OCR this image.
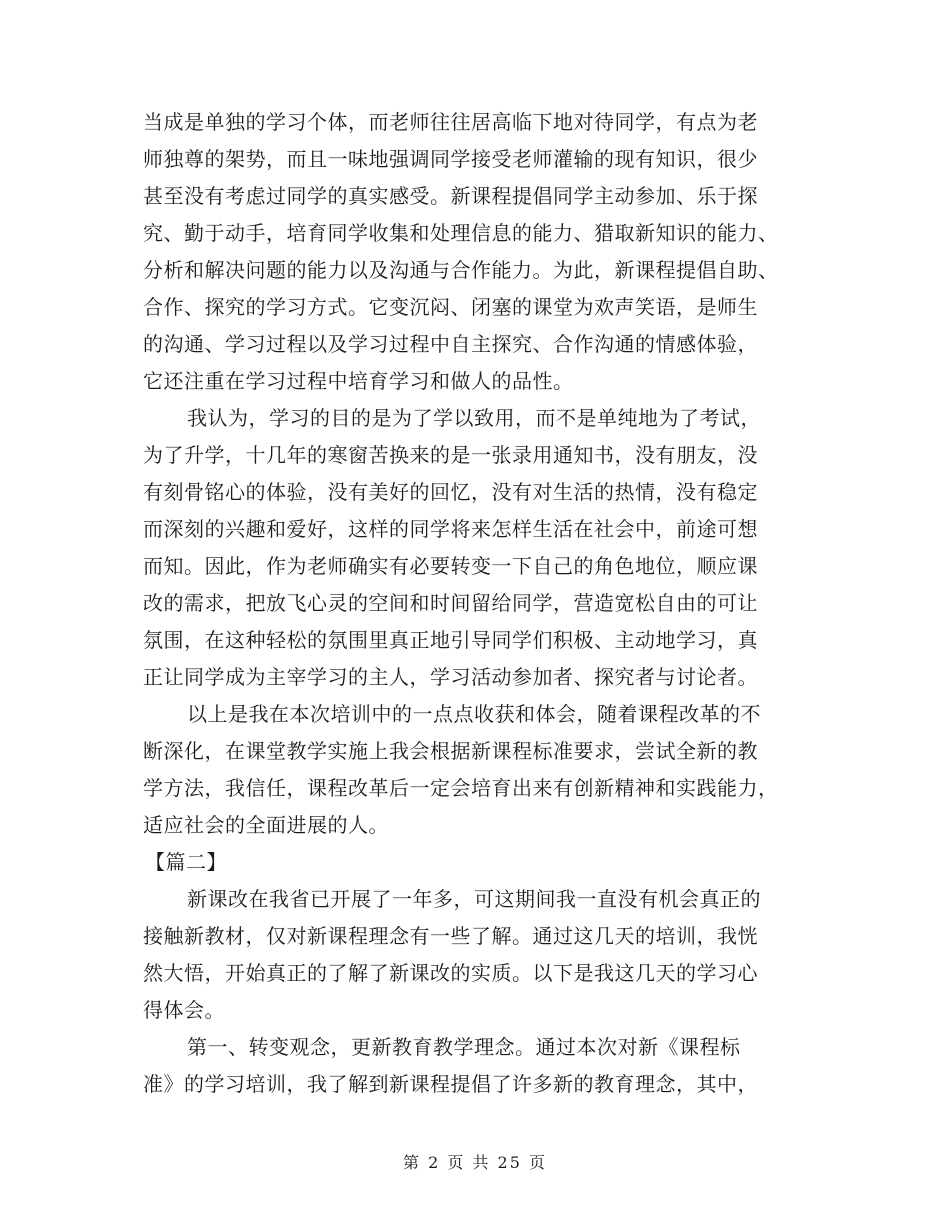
当成是单独的学习个体，而老师往往居高临下地对待同学，有点为老
师独尊的架势，而且一味地强调同学接受老师灌输的现有知识，很少
甚至没有考虑过同学的真实感受。新课程提倡同学主动参加、乐于探
究、勤于动手，培育同学收集和处理信息的能力、猎取新知识的能力、
分析和解决问题的能力以及沟通与合作能力。为此，新课程提倡自助、
合作、探究的学习方式。它变沉闷、闭塞的课堂为欢声笑语，是师生
的沟通、学习过程以及学习过程中自主探究、合作沟通的情感体验，
它还注重在学习过程中培育学习和做人的品性。
我认为，学习的目的是为了学以致用，而不是单纯地为了考试，
为了升学，十几年的寒窗苦换来的是一张录用通知书，没有朋友，没
有刻骨铭心的体验，没有美好的回忆，没有对生活的热情，没有稳定
而深刻的兴趣和爱好，这样的同学将来怎样生活在社会中，前途可想
而知。因此，作为老师确实有必要转变一下自己的角色地位，顺应课
改的需求，把放飞心灵的空间和时间留给同学，营造宽松自由的可让
氛围，在这种轻松的氛围里真正地引导同学们积极、主动地学习，真
正让同学成为主宰学习的主人，学习活动参加者、探究者与讨论者。
以上是我在本次培训中的一点点收获和体会，随着课程改革的不
断深化，在课堂教学实施上我会根据新课程标准要求，尝试全新的教
学方法，我信任，课程改革后一定会培育出来有创新精神和实践能力，
适应社会的全面进展的人。
【篇二】
新课改在我省已开展了一年多，可这期间我一直没有机会真正的
接触新教材，仅对新课程理念有一些了解。通过这几天的培训，我恍
然大悟，开始真正的了解了新课改的实质。以下是我这几天的学习心
得体会。
第一、转变观念，更新教育教学理念。通过本次对新《课程标
准》的学习培训，我了解到新课程提倡了许多新的教育理念，其中，
第 2 页 共 25 页
